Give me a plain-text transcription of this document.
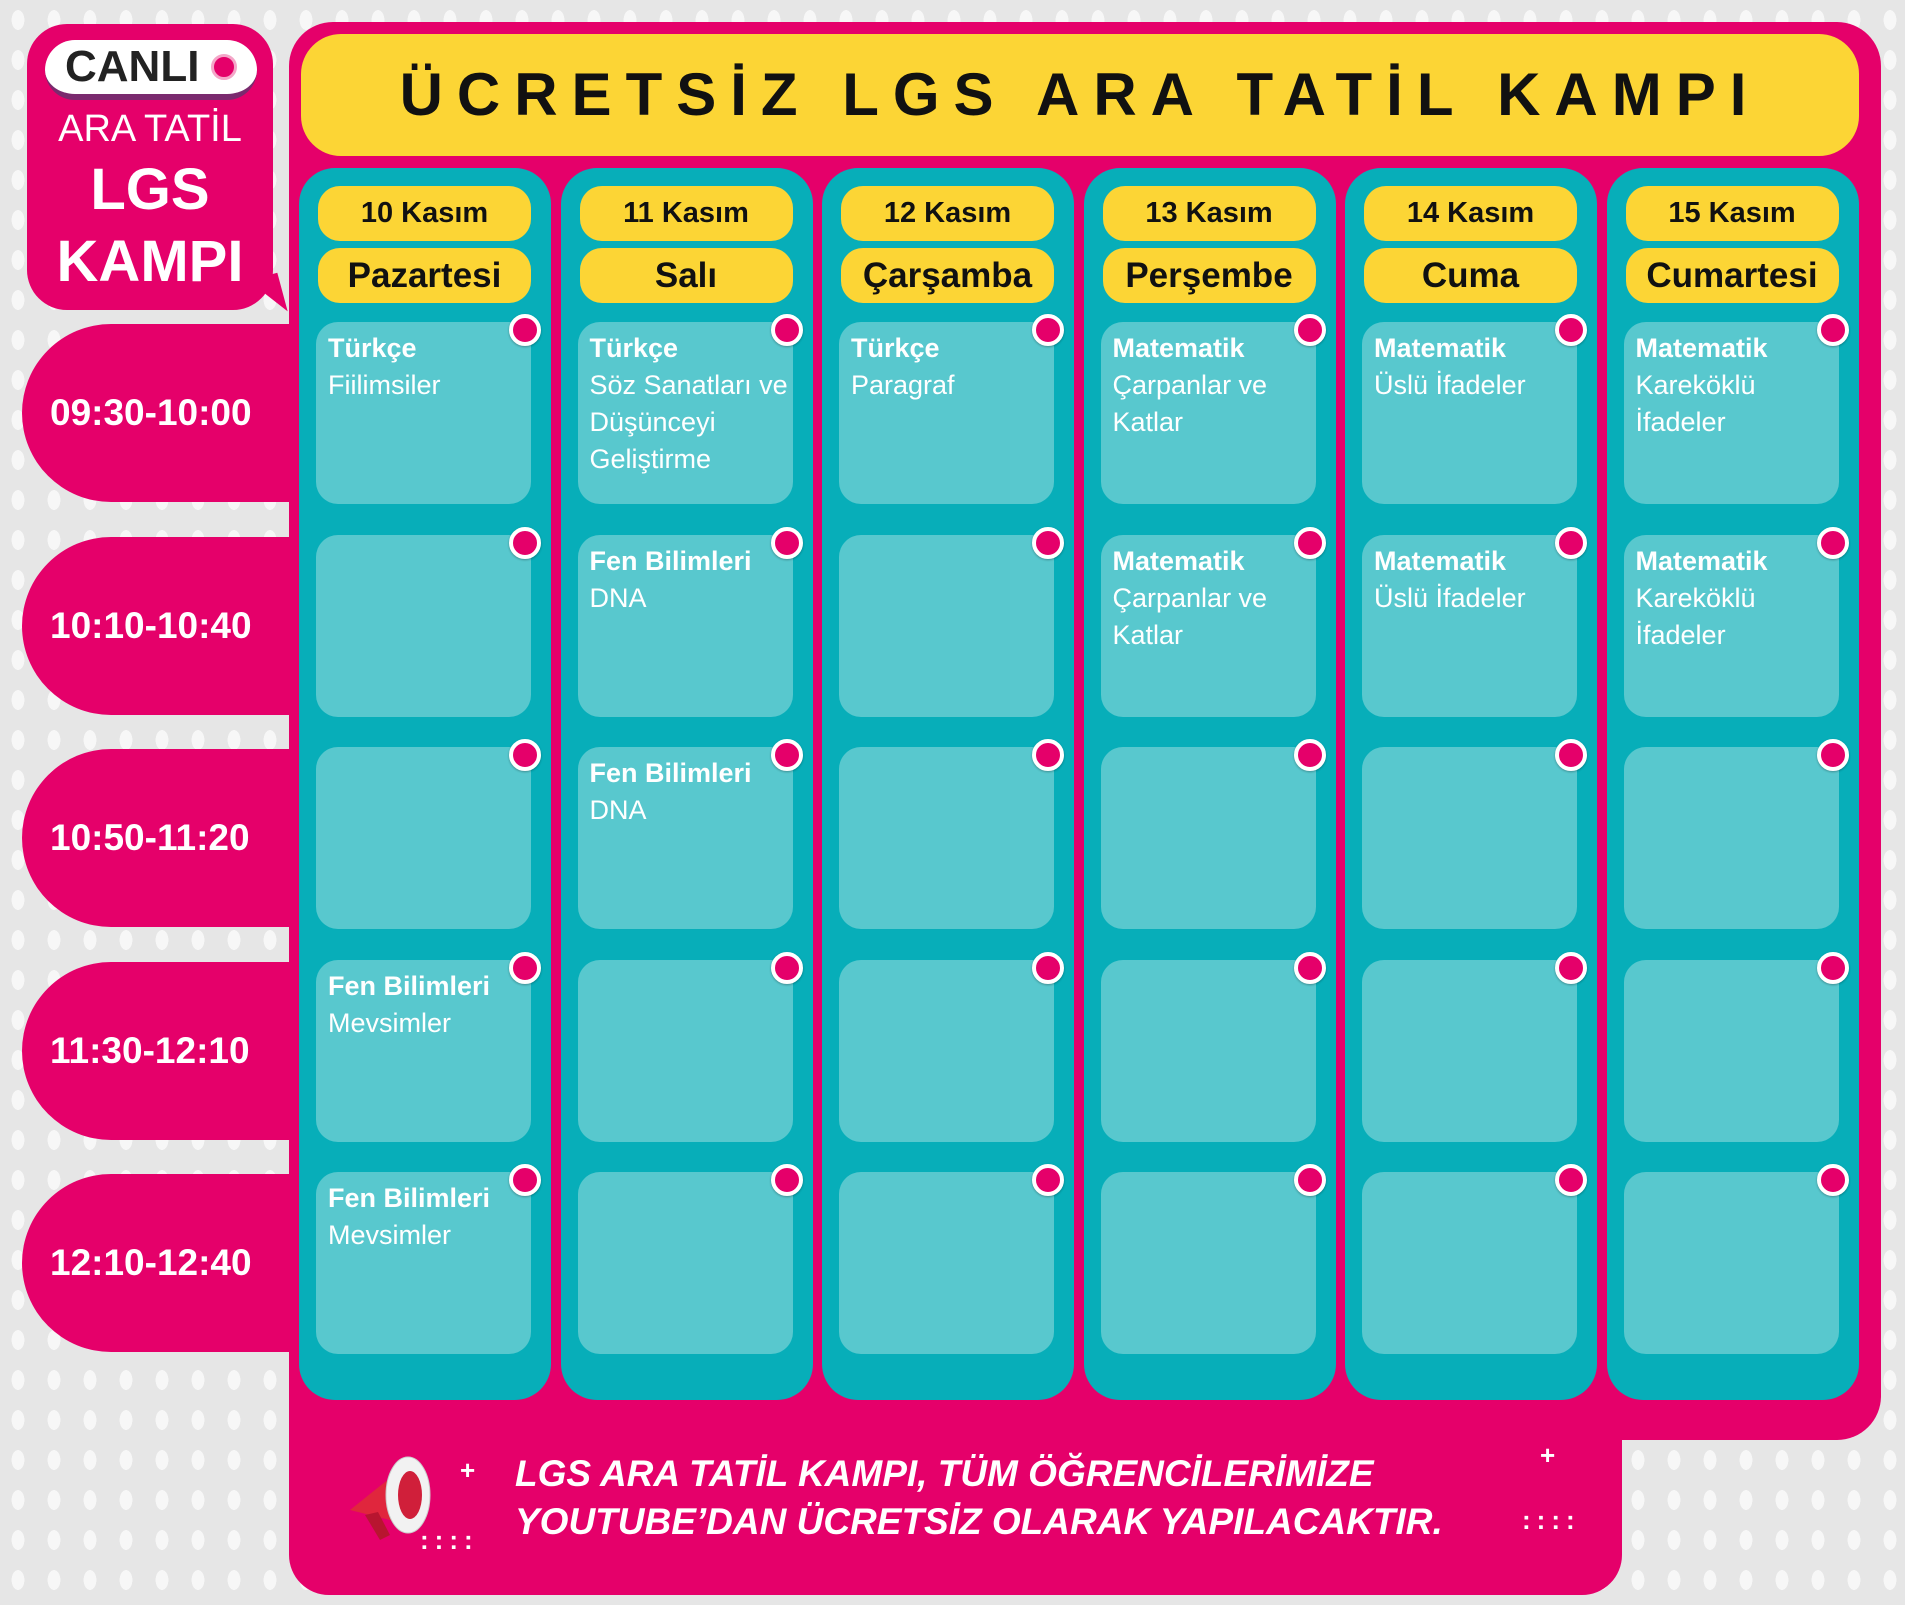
CANLI
ARA TATİL
LGS
KAMPI
09:30-10:00
10:10-10:40
10:50-11:20
11:30-12:10
12:10-12:40
10 Kasım
Pazartesi
Türkçe
Fiilimsiler
Fen Bilimleri
Mevsimler
Fen Bilimleri
Mevsimler
11 Kasım
Salı
Türkçe
Söz Sanatları ve Düşünceyi Geliştirme
Fen Bilimleri
DNA
Fen Bilimleri
DNA
12 Kasım
Çarşamba
Türkçe
Paragraf
13 Kasım
Perşembe
Matematik
Çarpanlar ve Katlar
Matematik
Çarpanlar ve Katlar
14 Kasım
Cuma
Matematik
Üslü İfadeler
Matematik
Üslü İfadeler
15 Kasım
Cumartesi
Matematik
Kareköklü İfadeler
Matematik
Kareköklü İfadeler
ÜCRETSİZ LGS ARA TATİL KAMPI
+
::::
+
::::
LGS ARA TATİL KAMPI, TÜM ÖĞRENCİLERİMİZE
YOUTUBE’DAN ÜCRETSİZ OLARAK YAPILACAKTIR.
